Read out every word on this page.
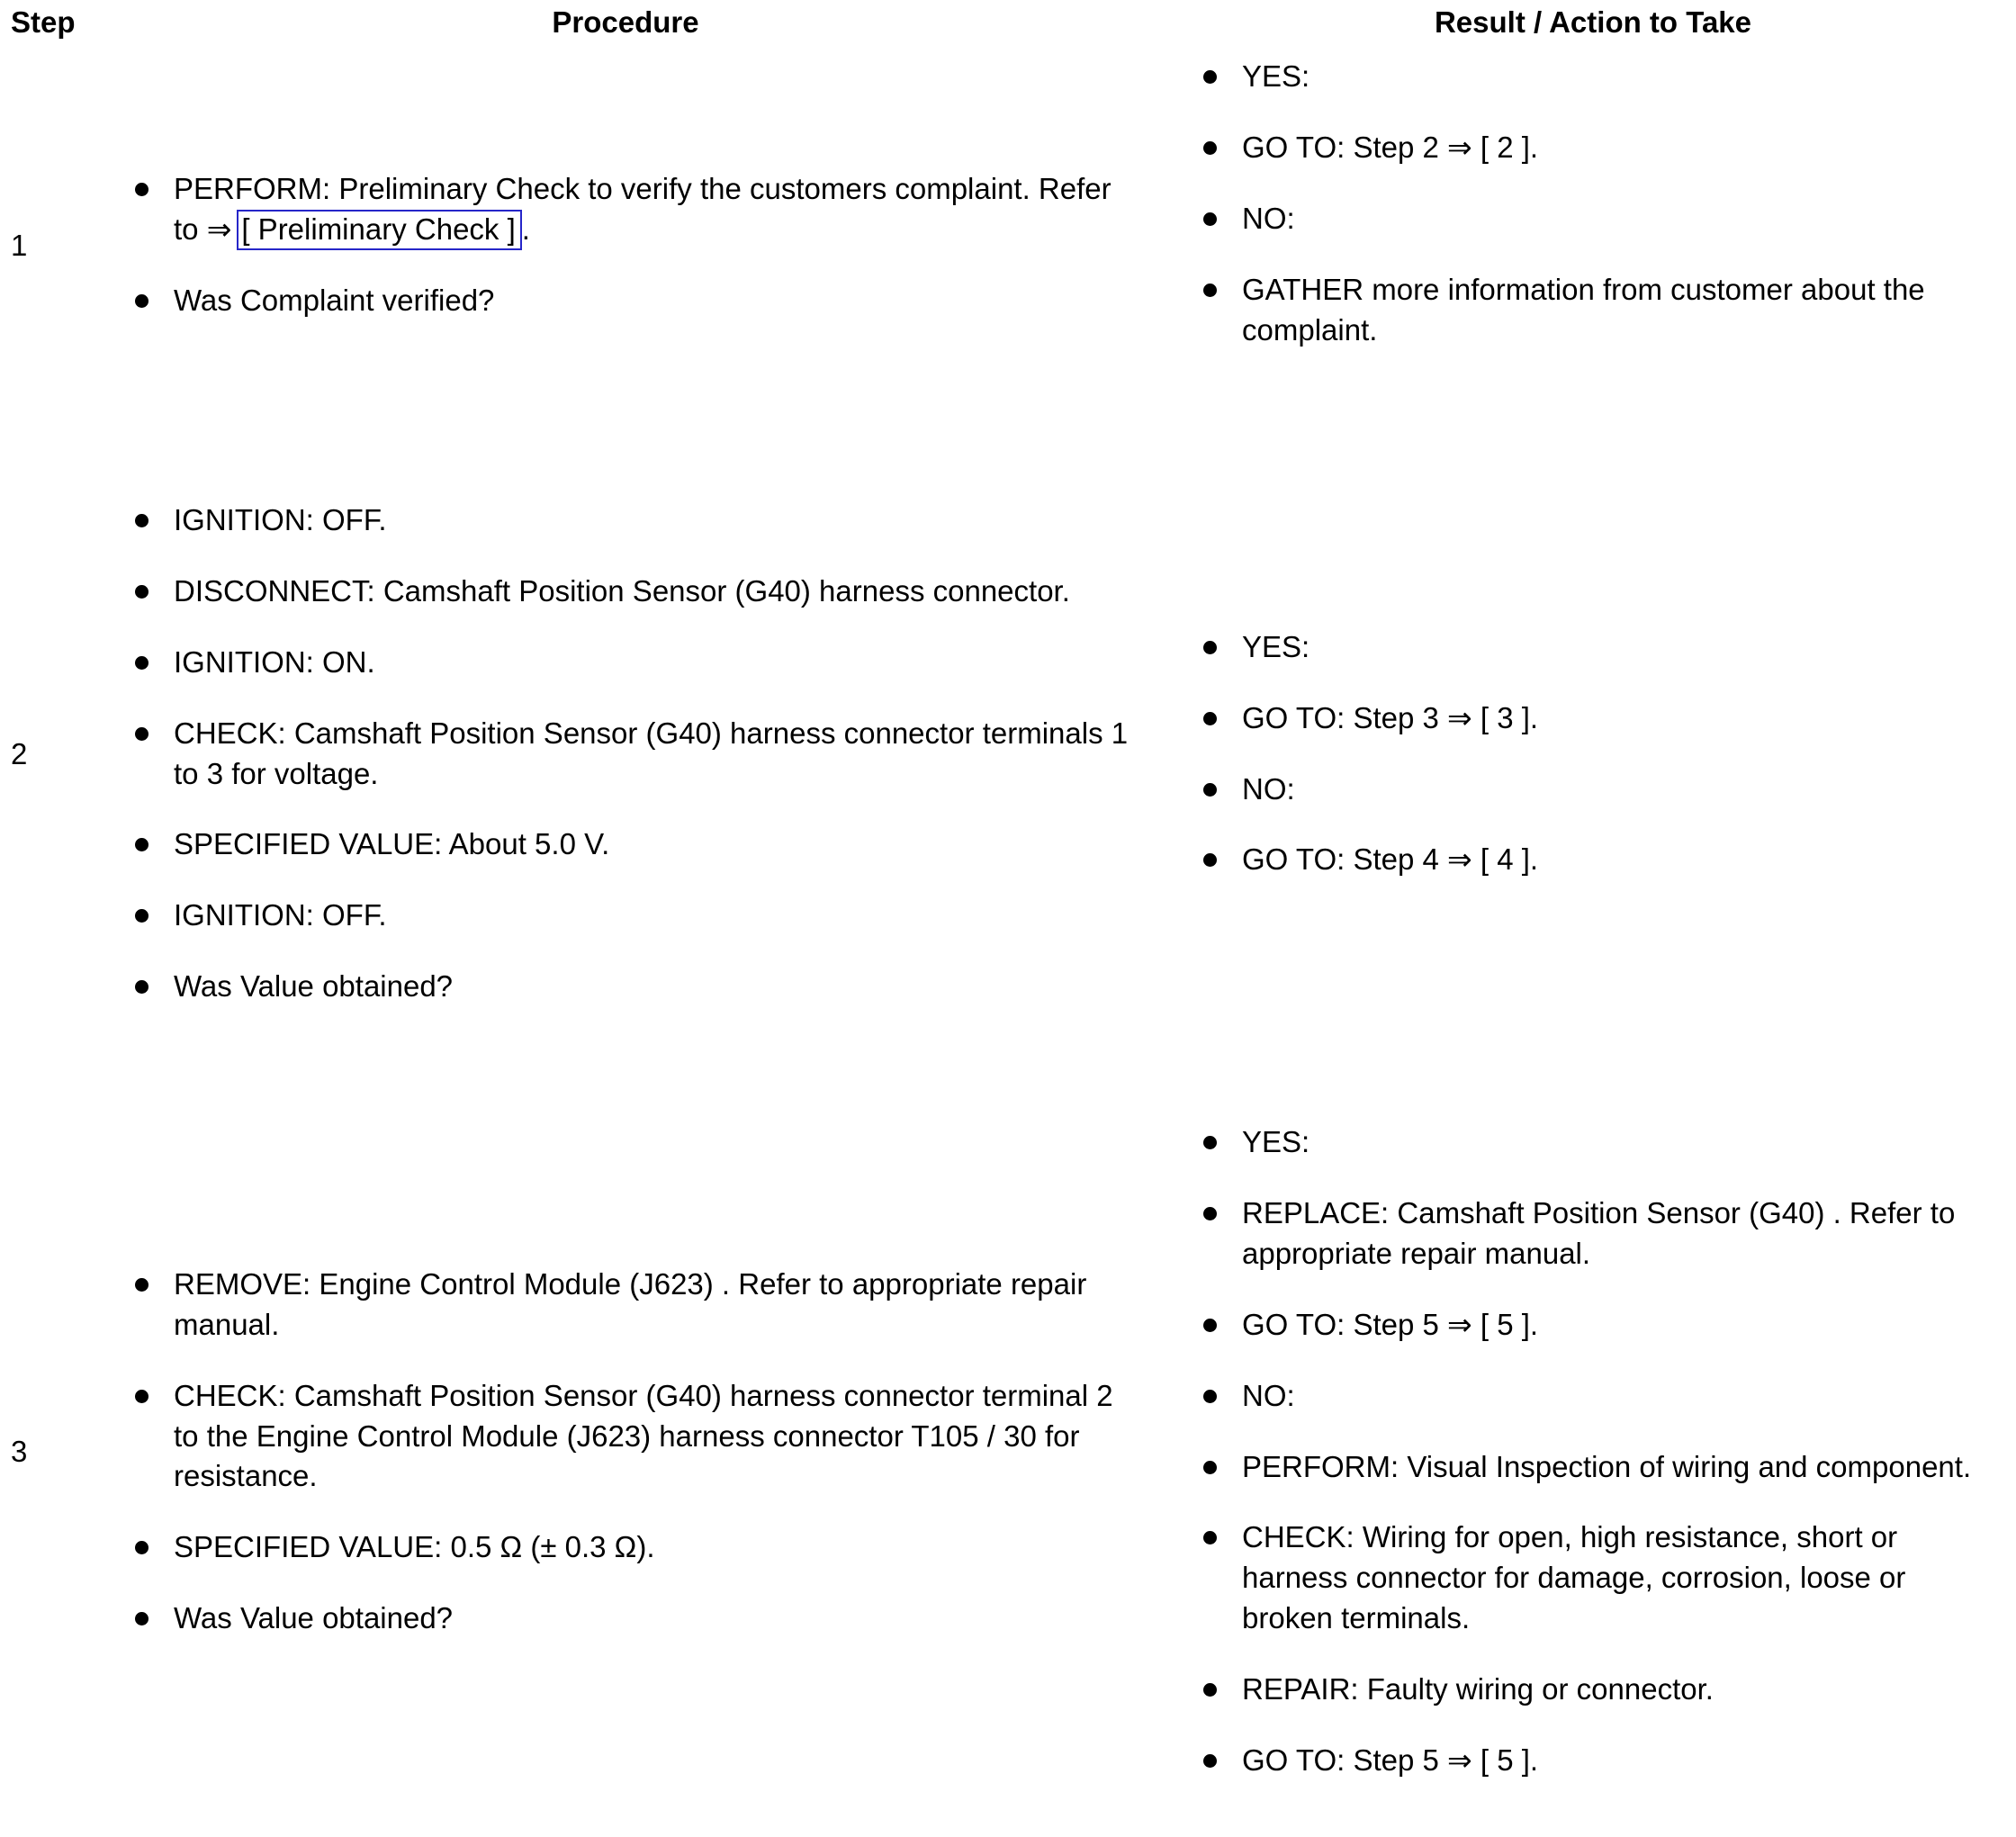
Step	Procedure	Result / Action to Take
1
PERFORM: Preliminary Check to verify the customers complaint. Refer to ⇒ [ Preliminary Check ] .
Was Complaint verified?
YES:
GO TO: Step 2 ⇒ [ 2 ].
NO:
GATHER more information from customer about the complaint.
2
IGNITION: OFF.
DISCONNECT: Camshaft Position Sensor (G40) harness connector.
IGNITION: ON.
CHECK: Camshaft Position Sensor (G40) harness connector terminals 1 to 3 for voltage.
SPECIFIED VALUE: About 5.0 V.
IGNITION: OFF.
Was Value obtained?
YES:
GO TO: Step 3 ⇒ [ 3 ].
NO:
GO TO: Step 4 ⇒ [ 4 ].
3
REMOVE: Engine Control Module (J623) . Refer to appropriate repair manual.
CHECK: Camshaft Position Sensor (G40) harness connector terminal 2 to the Engine Control Module (J623) harness connector T105 / 30 for resistance.
SPECIFIED VALUE: 0.5 Ω (± 0.3 Ω).
Was Value obtained?
YES:
REPLACE: Camshaft Position Sensor (G40) . Refer to appropriate repair manual.
GO TO: Step 5 ⇒ [ 5 ].
NO:
PERFORM: Visual Inspection of wiring and component.
CHECK: Wiring for open, high resistance, short or harness connector for damage, corrosion, loose or broken terminals.
REPAIR: Faulty wiring or connector.
GO TO: Step 5 ⇒ [ 5 ].
